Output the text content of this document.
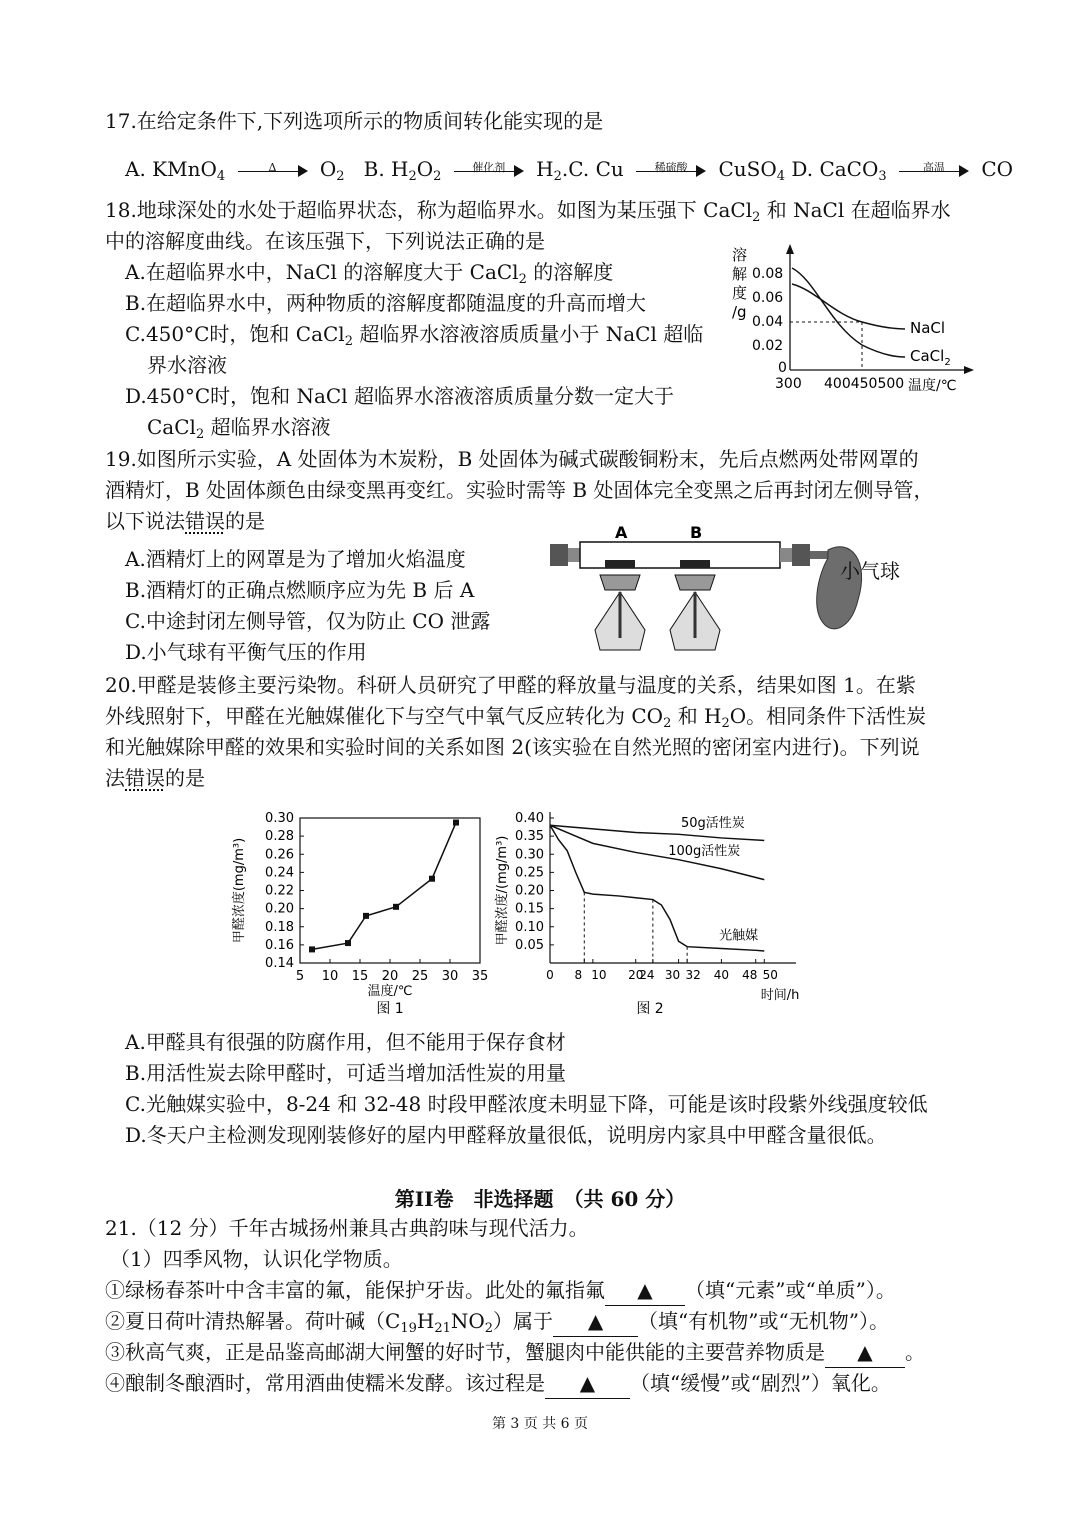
17.在给定条件下,下列选项所示的物质间转化能实现的是
A. KMnO$_4$
Δ	$O_2$ B. $H_2O_2$
催化剂	$H_2.C$. Cu	稀硫酸	CuSO$_4$ D. CaCO$_3$
高温	CO
18.地球深处的水处于超临界状态，称为超临界水。如图为某压强下 CaCl$_2$ 和 NaCl 在超临界水
中的溶解度曲线。在该压强下，下列说法正确的是
A.在超临界水中，NaCl 的溶解度大于 CaCl$_2$ 的溶解度
B.在超临界水中，两种物质的溶解度都随温度的升高而增大
C.450°C时，饱和 CaCl$_2$ 超临界水溶液溶质质量小于 NaCl 超临
界水溶液
D.450°C时，饱和 NaCl 超临界水溶液溶质质量分数一定大于
CaCl$_2$ 超临界水溶液
溶
解
度
/g
0.08
0.06
0.04
0.02
0
NaCl
CaCl$_2$
300 400450500 温度/℃
19.如图所示实验，A 处固体为木炭粉，B 处固体为碱式碳酸铜粉末，先后点燃两处带网罩的
酒精灯，B 处固体颜色由绿变黑再变红。实验时需等 B 处固体完全变黑之后再封闭左侧导管，
以下说法错误的是
A.酒精灯上的网罩是为了增加火焰温度
B.酒精灯的正确点燃顺序应为先 B 后 A
C.中途封闭左侧导管，仅为防止 CO 泄露
D.小气球有平衡气压的作用
小气球
A	B
20.甲醛是装修主要污染物。科研人员研究了甲醛的释放量与温度的关系，结果如图 1。在紫
外线照射下，甲醛在光触媒催化下与空气中氧气反应转化为 $CO_2$ 和 $H_2O$。相同条件下活性炭
和光触媒除甲醛的效果和实验时间的关系如图 2(该实验在自然光照的密闭室内进行)。下列说
法错误的是
0.30
0.28
0.26
0.24
0.22
0.20
0.18
0.16
0.14
5 10 15 20 25 30 35
温度/℃
图 1
甲醛浓度(mg/m³)
0.40
0.35
0.30
0.25
0.20
0.15
0.10
0.05
0 8 10 20
24 30 32 40 48 50
50g活性炭
100g活性炭
光触媒
时间/h
图 2
甲醛浓度/(mg/m³)
A.甲醛具有很强的防腐作用，但不能用于保存食材
B.用活性炭去除甲醛时，可适当增加活性炭的用量
C.光触媒实验中，8-24 和 32-48 时段甲醛浓度未明显下降，可能是该时段紫外线强度较低
D.冬天户主检测发现刚装修好的屋内甲醛释放量很低，说明房内家具中甲醛含量很低。
第II卷　非选择题　（共 60 分）
21.（12 分）千年古城扬州兼具古典韵味与现代活力。
（1）四季风物，认识化学物质。
①绿杨春茶叶中含丰富的氟，能保护牙齿。此处的氟指氟 ▲ （填“元素”或“单质”）。
②夏日荷叶清热解暑。荷叶碱$(C_{19}H_{21}NO_2)$属于 ▲ （填“有机物”或“无机物”）。
③秋高气爽，正是品鉴高邮湖大闸蟹的好时节，蟹腿肉中能供能的主要营养物质是 ▲ 。
④酿制冬酿酒时，常用酒曲使糯米发酵。该过程是 ▲ （填“缓慢”或“剧烈”）氧化。
第 3 页 共 6 页
